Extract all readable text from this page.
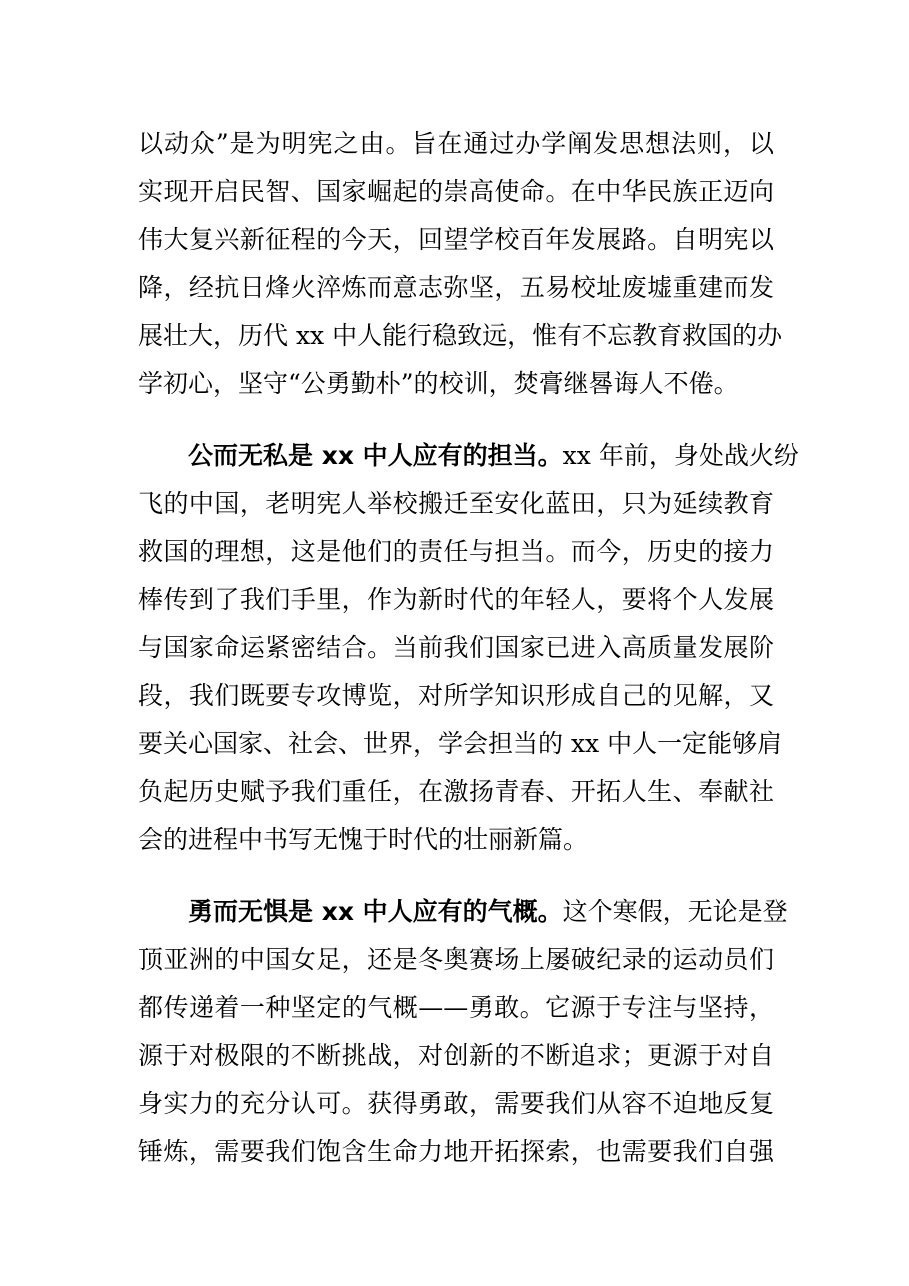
以动众”是为明宪之由。旨在通过办学阐发思想法则，以
实现开启民智、国家崛起的崇高使命。在中华民族正迈向
伟大复兴新征程的今天，回望学校百年发展路。自明宪以
降，经抗日烽火淬炼而意志弥坚，五易校址废墟重建而发
展壮大，历代 xx 中人能行稳致远，惟有不忘教育救国的办
学初心，坚守“公勇勤朴”的校训，焚膏继晷诲人不倦。
公而无私是 xx 中人应有的担当。xx 年前，身处战火纷
飞的中国，老明宪人举校搬迁至安化蓝田，只为延续教育
救国的理想，这是他们的责任与担当。而今，历史的接力
棒传到了我们手里，作为新时代的年轻人，要将个人发展
与国家命运紧密结合。当前我们国家已进入高质量发展阶
段，我们既要专攻博览，对所学知识形成自己的见解，又
要关心国家、社会、世界，学会担当的 xx 中人一定能够肩
负起历史赋予我们重任，在激扬青春、开拓人生、奉献社
会的进程中书写无愧于时代的壮丽新篇。
勇而无惧是 xx 中人应有的气概。这个寒假，无论是登
顶亚洲的中国女足，还是冬奥赛场上屡破纪录的运动员们
都传递着一种坚定的气概——勇敢。它源于专注与坚持，
源于对极限的不断挑战，对创新的不断追求；更源于对自
身实力的充分认可。获得勇敢，需要我们从容不迫地反复
锤炼，需要我们饱含生命力地开拓探索，也需要我们自强
